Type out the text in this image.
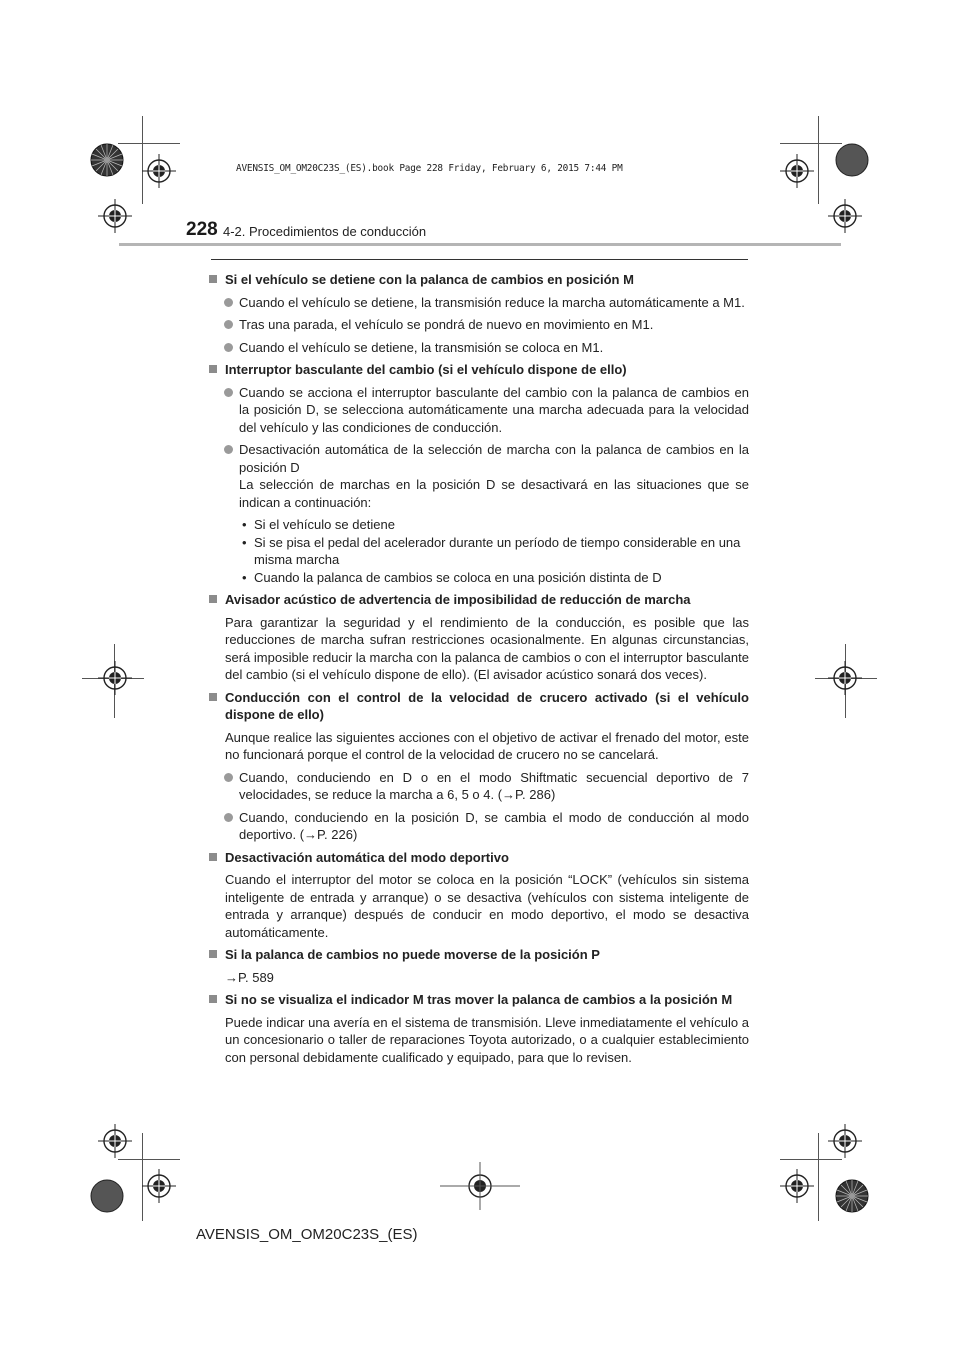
AVENSIS_OM_OM20C23S_(ES).book Page 228 Friday, February 6, 2015 7:44 PM
228 4-2. Procedimientos de conducción
Si el vehículo se detiene con la palanca de cambios en posición M
Cuando el vehículo se detiene, la transmisión reduce la marcha automáticamente a M1.
Tras una parada, el vehículo se pondrá de nuevo en movimiento en M1.
Cuando el vehículo se detiene, la transmisión se coloca en M1.
Interruptor basculante del cambio (si el vehículo dispone de ello)
Cuando se acciona el interruptor basculante del cambio con la palanca de cambios en la posición D, se selecciona automáticamente una marcha adecuada para la velocidad del vehículo y las condiciones de conducción.
Desactivación automática de la selección de marcha con la palanca de cambios en la posición D
La selección de marchas en la posición D se desactivará en las situaciones que se indican a continuación:
• Si el vehículo se detiene
• Si se pisa el pedal del acelerador durante un período de tiempo considerable en una misma marcha
• Cuando la palanca de cambios se coloca en una posición distinta de D
Avisador acústico de advertencia de imposibilidad de reducción de marcha
Para garantizar la seguridad y el rendimiento de la conducción, es posible que las reducciones de marcha sufran restricciones ocasionalmente. En algunas circunstancias, será imposible reducir la marcha con la palanca de cambios o con el interruptor basculante del cambio (si el vehículo dispone de ello). (El avisador acústico sonará dos veces).
Conducción con el control de la velocidad de crucero activado (si el vehículo dispone de ello)
Aunque realice las siguientes acciones con el objetivo de activar el frenado del motor, este no funcionará porque el control de la velocidad de crucero no se cancelará.
Cuando, conduciendo en D o en el modo Shiftmatic secuencial deportivo de 7 velocidades, se reduce la marcha a 6, 5 o 4. (→P. 286)
Cuando, conduciendo en la posición D, se cambia el modo de conducción al modo deportivo. (→P. 226)
Desactivación automática del modo deportivo
Cuando el interruptor del motor se coloca en la posición “LOCK” (vehículos sin sistema inteligente de entrada y arranque) o se desactiva (vehículos con sistema inteligente de entrada y arranque) después de conducir en modo deportivo, el modo se desactiva automáticamente.
Si la palanca de cambios no puede moverse de la posición P
→P. 589
Si no se visualiza el indicador M tras mover la palanca de cambios a la posición M
Puede indicar una avería en el sistema de transmisión. Lleve inmediatamente el vehículo a un concesionario o taller de reparaciones Toyota autorizado, o a cualquier establecimiento con personal debidamente cualificado y equipado, para que lo revisen.
AVENSIS_OM_OM20C23S_(ES)
